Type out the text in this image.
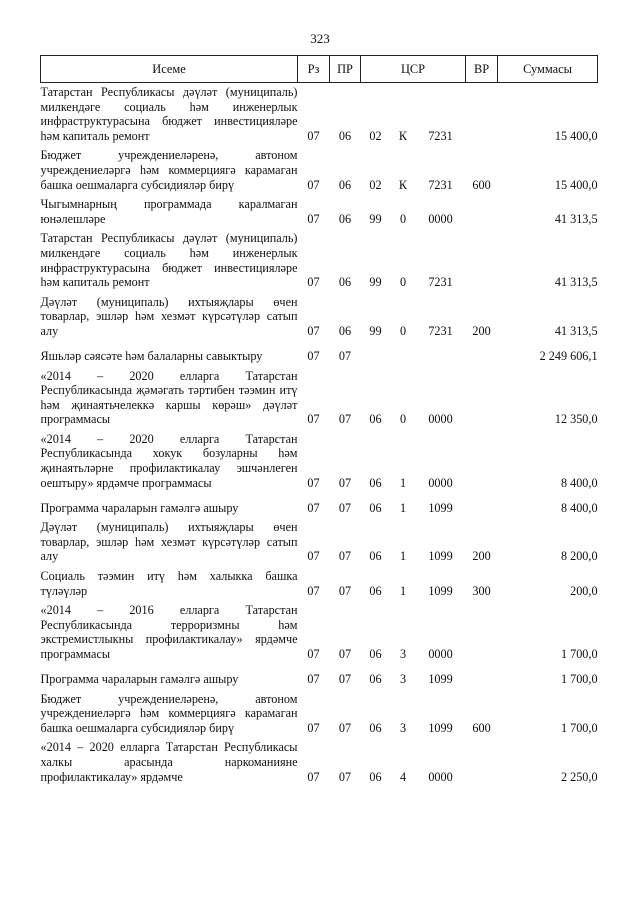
323
Исеме	Рз	ПР	ЦСР			ВР	Суммасы
Татарстан Республикасы дәүләт (муниципаль) милкендәге социаль һәм инженерлык инфраструктурасына бюджет инвестицияләре һәм капиталь ремонт	07	06	02	К	7231		15 400,0
Бюджет учреждениеләренә, автоном учреждениеләргә һәм коммерциягә карамаган башка оешмаларга субсидияләр бирү	07	06	02	К	7231	600	15 400,0
Чыгымнарның программада каралмаган юнәлешләре	07	06	99	0	0000		41 313,5
Татарстан Республикасы дәүләт (муниципаль) милкендәге социаль һәм инженерлык инфраструктурасына бюджет инвестицияләре һәм капиталь ремонт	07	06	99	0	7231		41 313,5
Дәүләт (муниципаль) ихтыяҗлары өчен товарлар, эшләр һәм хезмәт күрсәтүләр сатып алу	07	06	99	0	7231	200	41 313,5
Яшьләр сәясәте һәм балаларны савыктыру	07	07					2 249 606,1
«2014 – 2020 елларга Татарстан Республикасында җәмәгать тәртибен тәэмин итү һәм җинаятьчелеккә каршы көрәш» дәүләт программасы	07	07	06	0	0000		12 350,0
«2014 – 2020 елларга Татарстан Республикасында хокук бозуларны һәм җинаятьләрне профилактикалау эшчәнлеген оештыру» ярдәмче программасы	07	07	06	1	0000		8 400,0
Программа чараларын гамәлгә ашыру	07	07	06	1	1099		8 400,0
Дәүләт (муниципаль) ихтыяҗлары өчен товарлар, эшләр һәм хезмәт күрсәтүләр сатып алу	07	07	06	1	1099	200	8 200,0
Социаль тәэмин итү һәм халыкка башка түләүләр	07	07	06	1	1099	300	200,0
«2014 – 2016 елларга Татарстан Республикасында терроризмны һәм экстремистлыкны профилактикалау» ярдәмче программасы	07	07	06	3	0000		1 700,0
Программа чараларын гамәлгә ашыру	07	07	06	3	1099		1 700,0
Бюджет учреждениеләренә, автоном учреждениеләргә һәм коммерциягә карамаган башка оешмаларга субсидияләр бирү	07	07	06	3	1099	600	1 700,0
«2014 – 2020 елларга Татарстан Республикасы халкы арасында наркоманияне профилактикалау» ярдәмче	07	07	06	4	0000		2 250,0
